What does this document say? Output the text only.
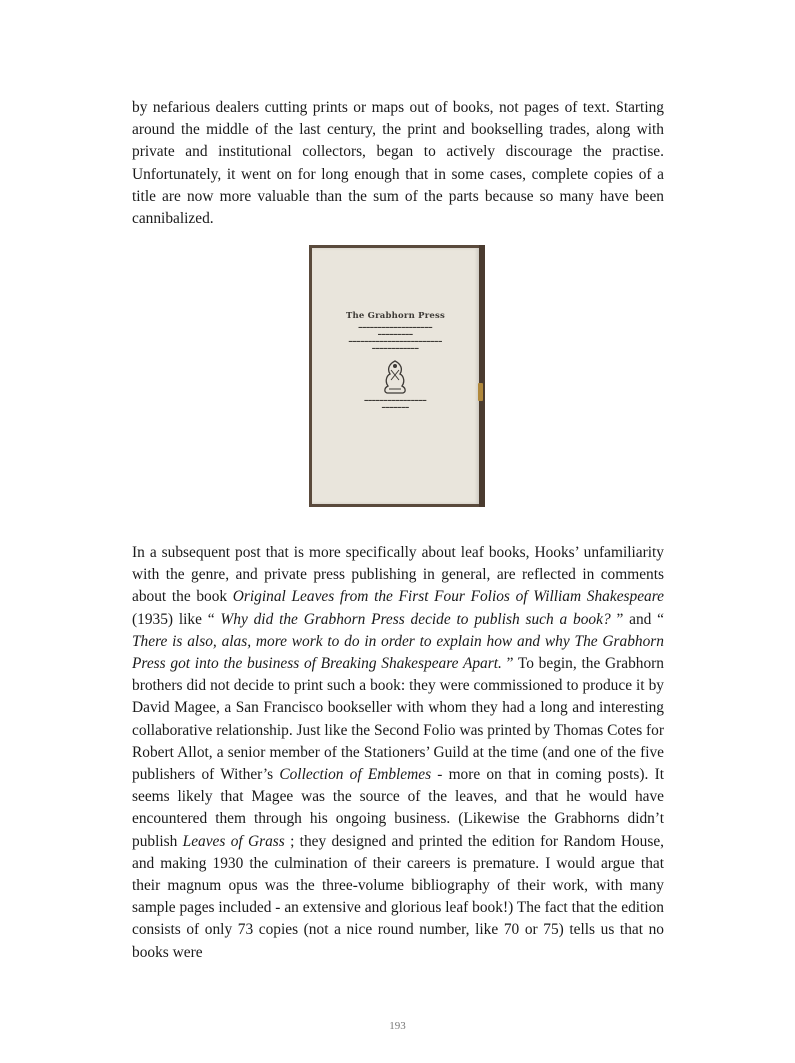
by nefarious dealers cutting prints or maps out of books, not pages of text. Starting around the middle of the last century, the print and bookselling trades, along with private and institutional collectors, began to actively discourage the practise. Unfortunately, it went on for long enough that in some cases, complete copies of a title are now more valuable than the sum of the parts because so many have been cannibalized.

The Grabhorn Press
▬▬▬▬▬▬▬▬▬▬▬▬▬▬▬▬▬▬▬
▬▬▬▬▬▬▬▬▬
▬▬▬▬▬▬▬▬▬▬▬▬▬▬▬▬▬▬▬▬▬▬▬▬
▬▬▬▬▬▬▬▬▬▬▬▬
▬▬▬▬▬▬▬▬▬▬▬▬▬▬▬▬
▬▬▬▬▬▬▬

In a subsequent post that is more specifically about leaf books, Hooks’ unfamiliarity with the genre, and private press publishing in general, are reflected in comments about the book Original Leaves from the First Four Folios of William Shakespeare (1935) like “ Why did the Grabhorn Press decide to publish such a book? ” and “ There is also, alas, more work to do in order to explain how and why The Grabhorn Press got into the business of Breaking Shakespeare Apart. ” To begin, the Grabhorn brothers did not decide to print such a book: they were commissioned to produce it by David Magee, a San Francisco bookseller with whom they had a long and interesting collaborative relationship. Just like the Second Folio was printed by Thomas Cotes for Robert Allot, a senior member of the Stationers’ Guild at the time (and one of the five publishers of Wither’s Collection of Emblemes - more on that in coming posts). It seems likely that Magee was the source of the leaves, and that he would have encountered them through his ongoing business. (Likewise the Grabhorns didn’t publish Leaves of Grass ; they designed and printed the edition for Random House, and making 1930 the culmination of their careers is premature. I would argue that their magnum opus was the three-volume bibliography of their work, with many sample pages included - an extensive and glorious leaf book!) The fact that the edition consists of only 73 copies (not a nice round number, like 70 or 75) tells us that no books were

193
